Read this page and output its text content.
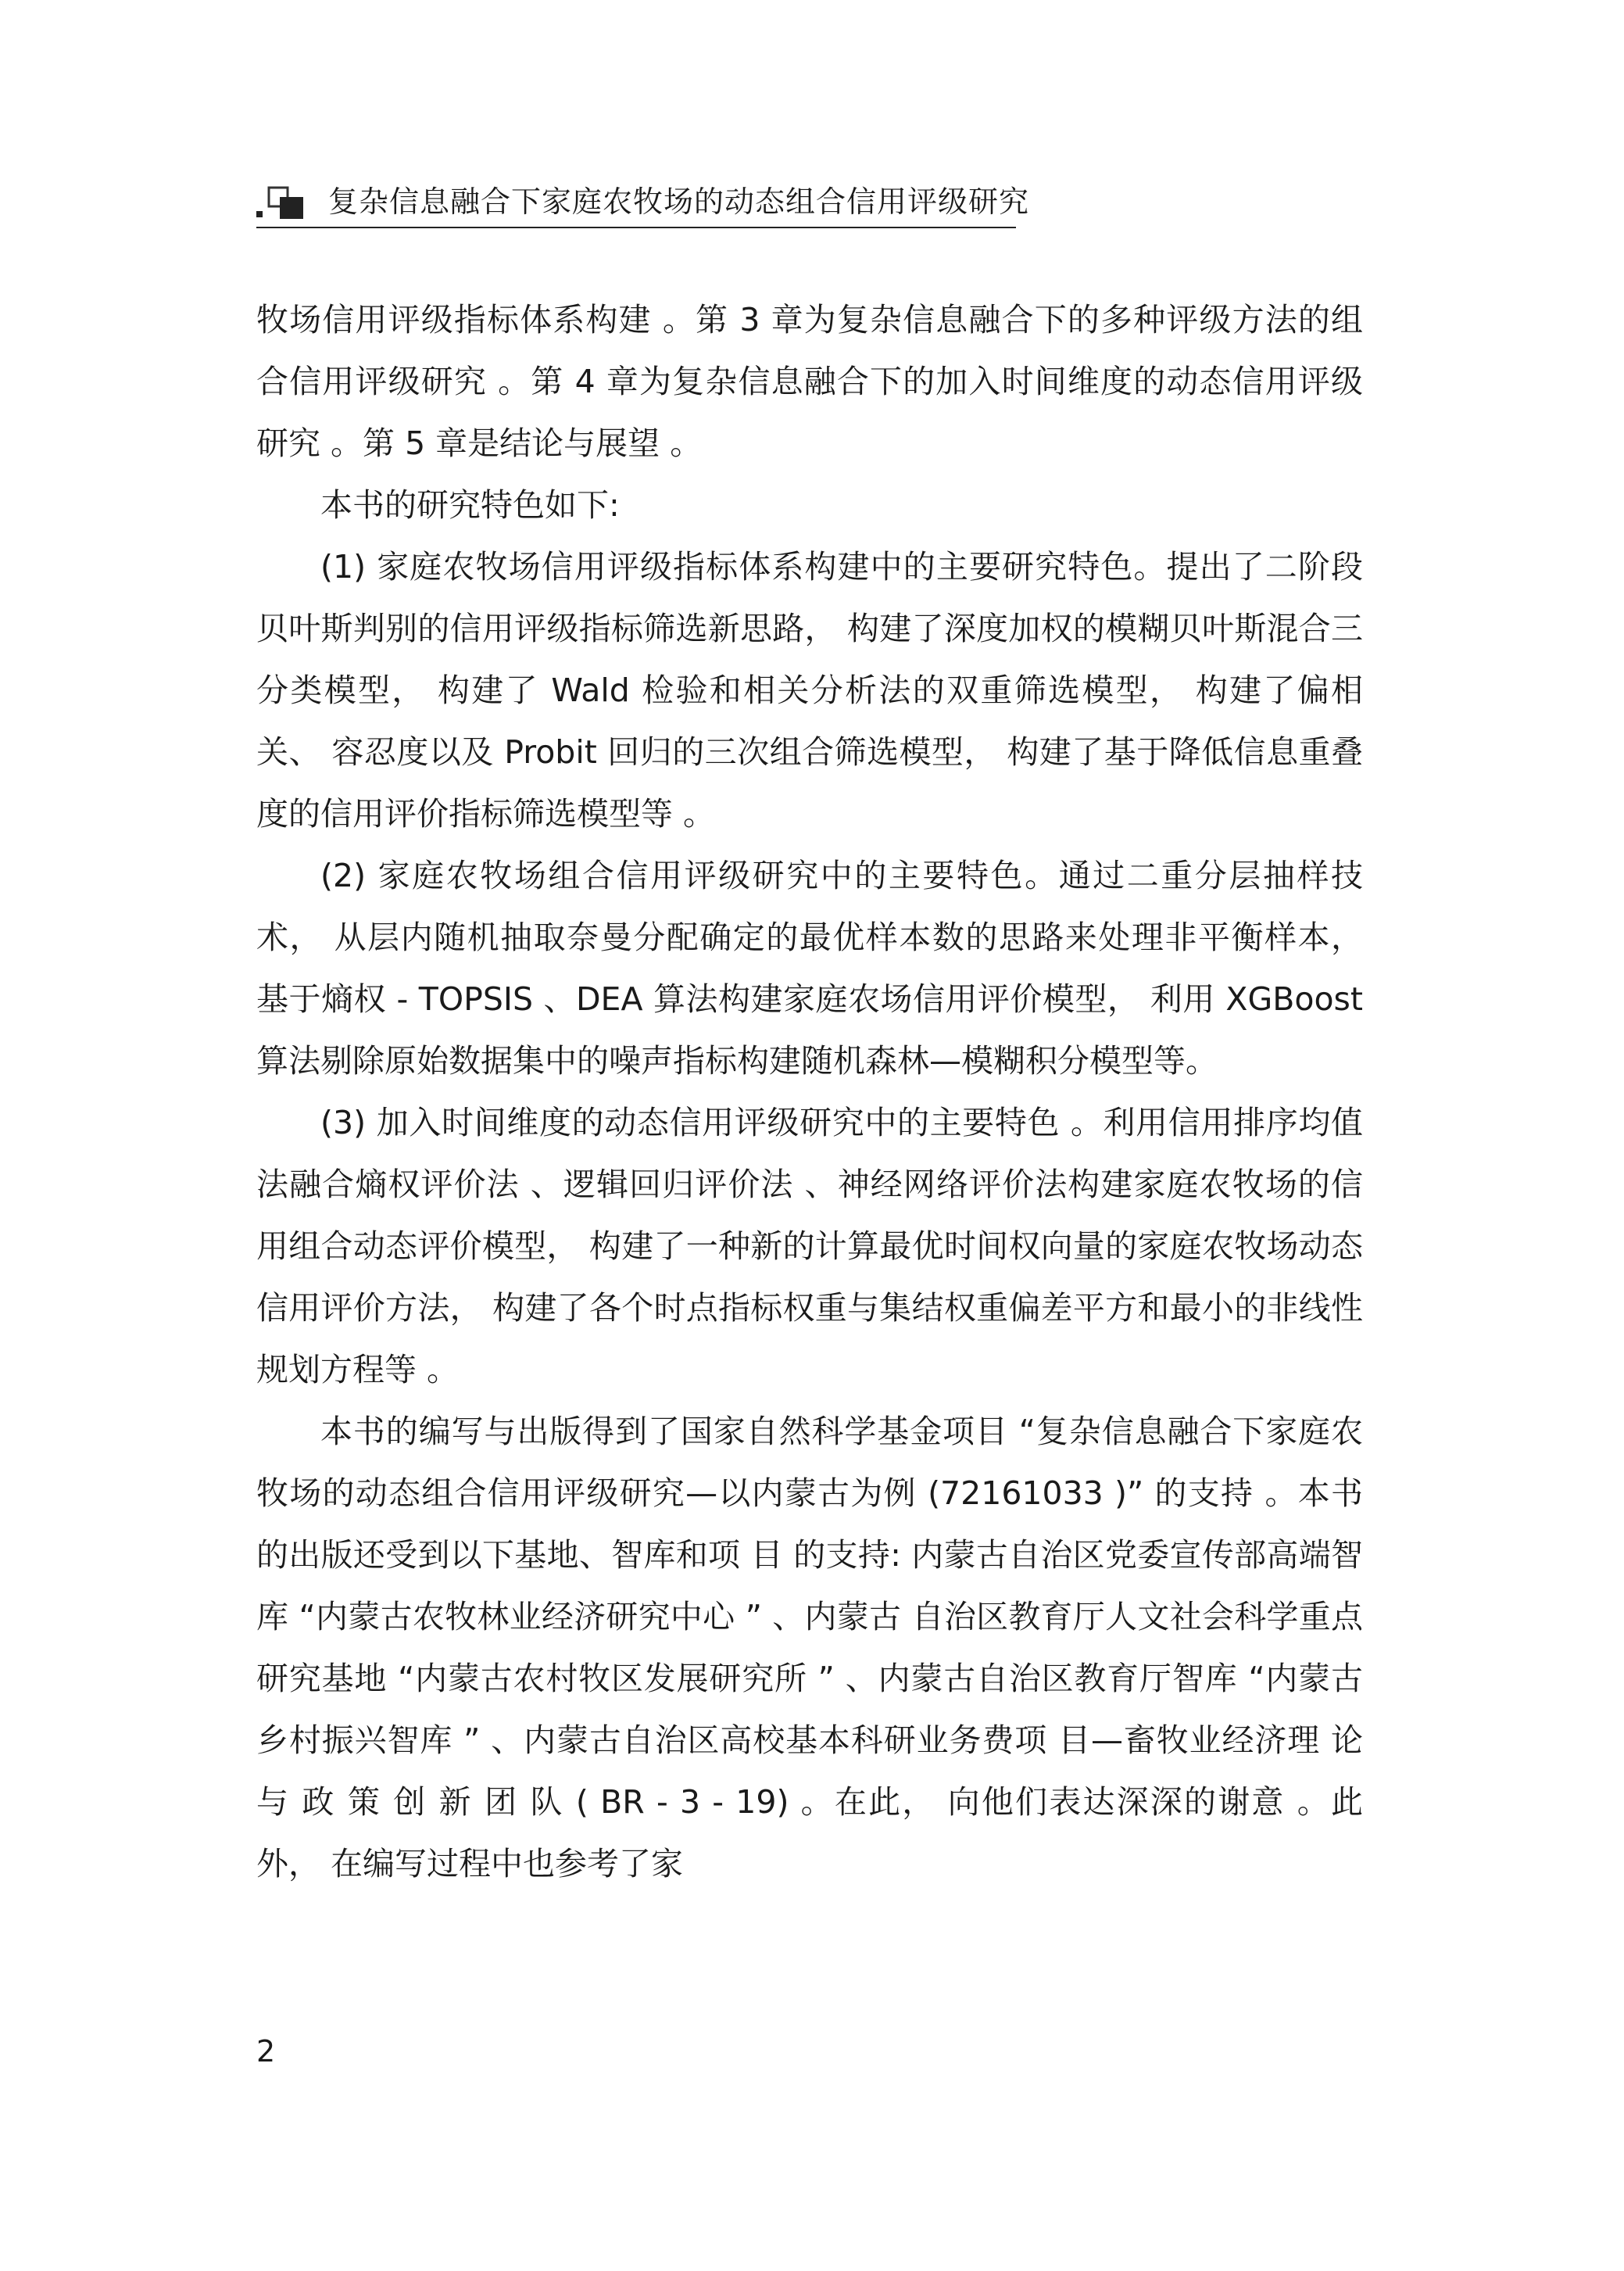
复杂信息融合下家庭农牧场的动态组合信用评级研究

牧场信用评级指标体系构建 。第 3 章为复杂信息融合下的多种评级方法的组合信用评级研究 。第 4 章为复杂信息融合下的加入时间维度的动态信用评级研究 。第 5 章是结论与展望 。

本书的研究特色如下:

(1) 家庭农牧场信用评级指标体系构建中的主要研究特色。提出了二阶段贝叶斯判别的信用评级指标筛选新思路， 构建了深度加权的模糊贝叶斯混合三分类模型， 构建了 Wald 检验和相关分析法的双重筛选模型， 构建了偏相关、 容忍度以及 Probit 回归的三次组合筛选模型， 构建了基于降低信息重叠度的信用评价指标筛选模型等 。

(2) 家庭农牧场组合信用评级研究中的主要特色。通过二重分层抽样技术， 从层内随机抽取奈曼分配确定的最优样本数的思路来处理非平衡样本， 基于熵权 - TOPSIS 、DEA 算法构建家庭农场信用评价模型， 利用 XGBoost 算法剔除原始数据集中的噪声指标构建随机森林—模糊积分模型等。

(3) 加入时间维度的动态信用评级研究中的主要特色 。利用信用排序均值法融合熵权评价法 、逻辑回归评价法 、神经网络评价法构建家庭农牧场的信用组合动态评价模型， 构建了一种新的计算最优时间权向量的家庭农牧场动态信用评价方法， 构建了各个时点指标权重与集结权重偏差平方和最小的非线性规划方程等 。

本书的编写与出版得到了国家自然科学基金项目 “复杂信息融合下家庭农牧场的动态组合信用评级研究—以内蒙古为例 (72161033 )” 的支持 。本书的出版还受到以下基地、智库和项 目 的支持: 内蒙古自治区党委宣传部高端智库 “内蒙古农牧林业经济研究中心 ” 、内蒙古 自治区教育厅人文社会科学重点研究基地 “内蒙古农村牧区发展研究所 ” 、内蒙古自治区教育厅智库 “内蒙古乡村振兴智库 ” 、内蒙古自治区高校基本科研业务费项 目—畜牧业经济理 论 与 政 策 创 新 团 队 ( BR - 3 - 19) 。在此， 向他们表达深深的谢意 。此外， 在编写过程中也参考了家

2
